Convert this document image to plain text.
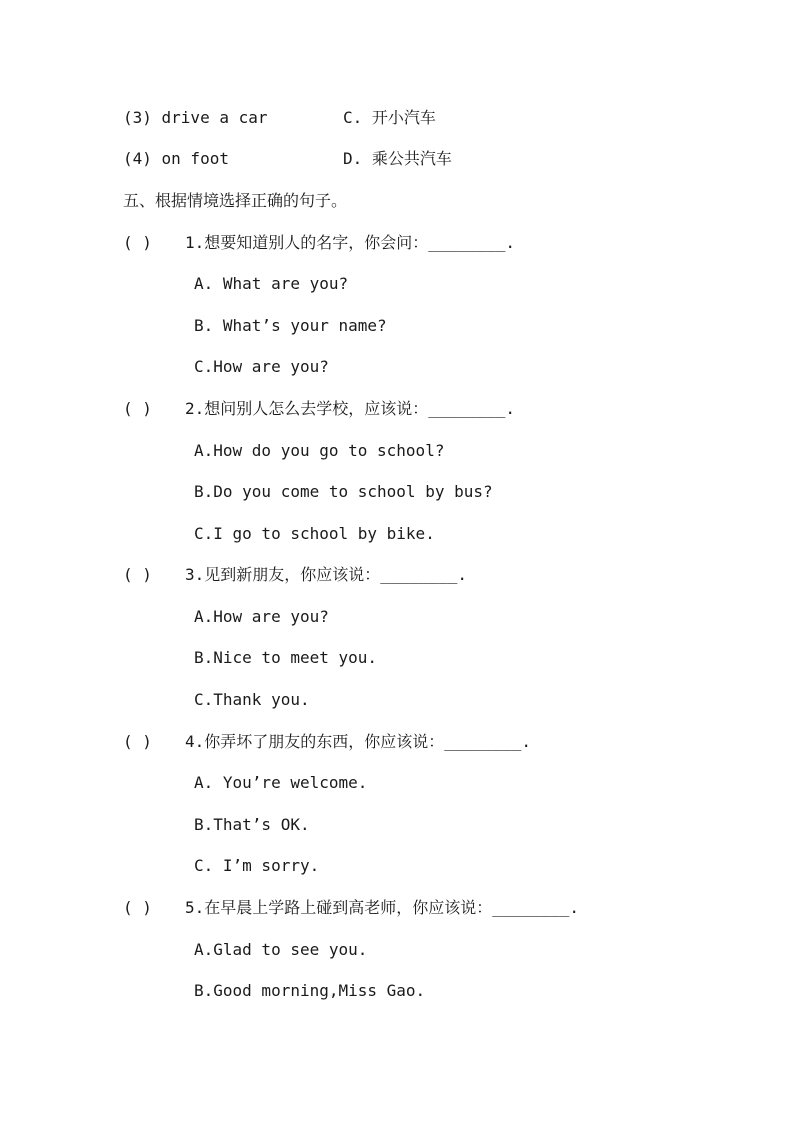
(3) drive a car	C. 开小汽车
(4) on foot	D. 乘公共汽车
五、根据情境选择正确的句子。
( ) 1.想要知道别人的名字，你会问：________.
A. What are you?
B. What’s your name?
C.How are you?
( ) 2.想问别人怎么去学校，应该说：________.
A.How do you go to school?
B.Do you come to school by bus?
C.I go to school by bike.
( ) 3.见到新朋友，你应该说：________.
A.How are you?
B.Nice to meet you.
C.Thank you.
( ) 4.你弄坏了朋友的东西，你应该说：________.
A. You’re welcome.
B.That’s OK.
C. I’m sorry.
( ) 5.在早晨上学路上碰到高老师，你应该说：________.
A.Glad to see you.
B.Good morning,Miss Gao.
